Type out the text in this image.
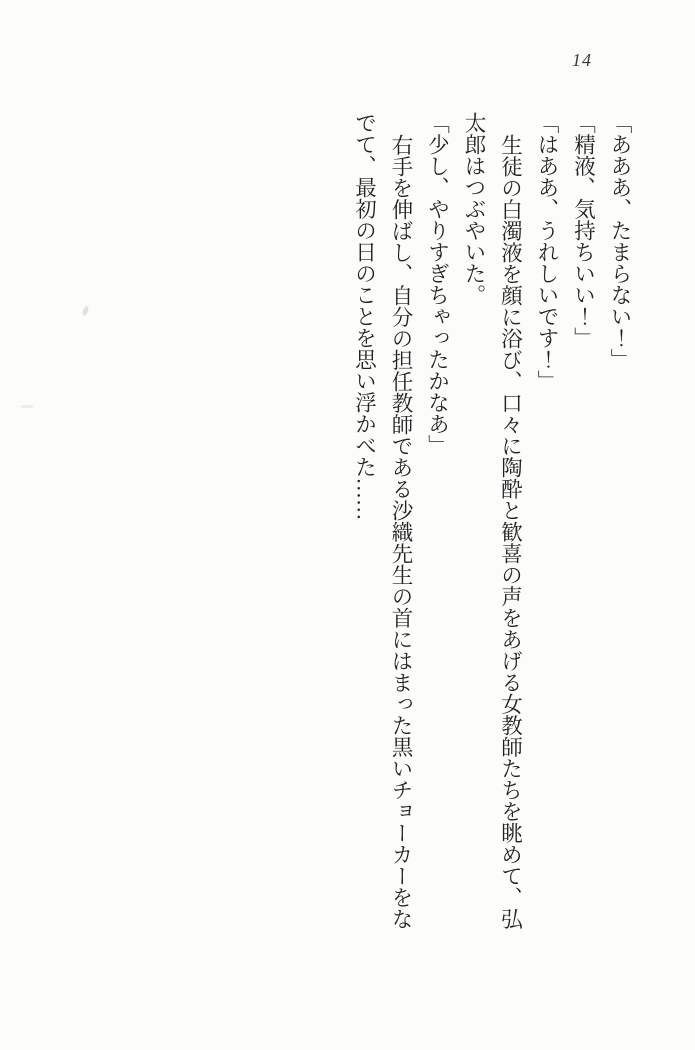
14

「あああ、たまらない！」

「精液、気持ちいい！」

「はああ、うれしいです！」

生徒の白濁液を顔に浴び、口々に陶酔と歓喜の声をあげる女教師たちを眺めて、弘太郎はつぶやいた。

「少し、やりすぎちゃったかなあ」

右手を伸ばし、自分の担任教師である沙織先生の首にはまった黒いチョーカーをなでて、最初の日のことを思い浮かべた……
